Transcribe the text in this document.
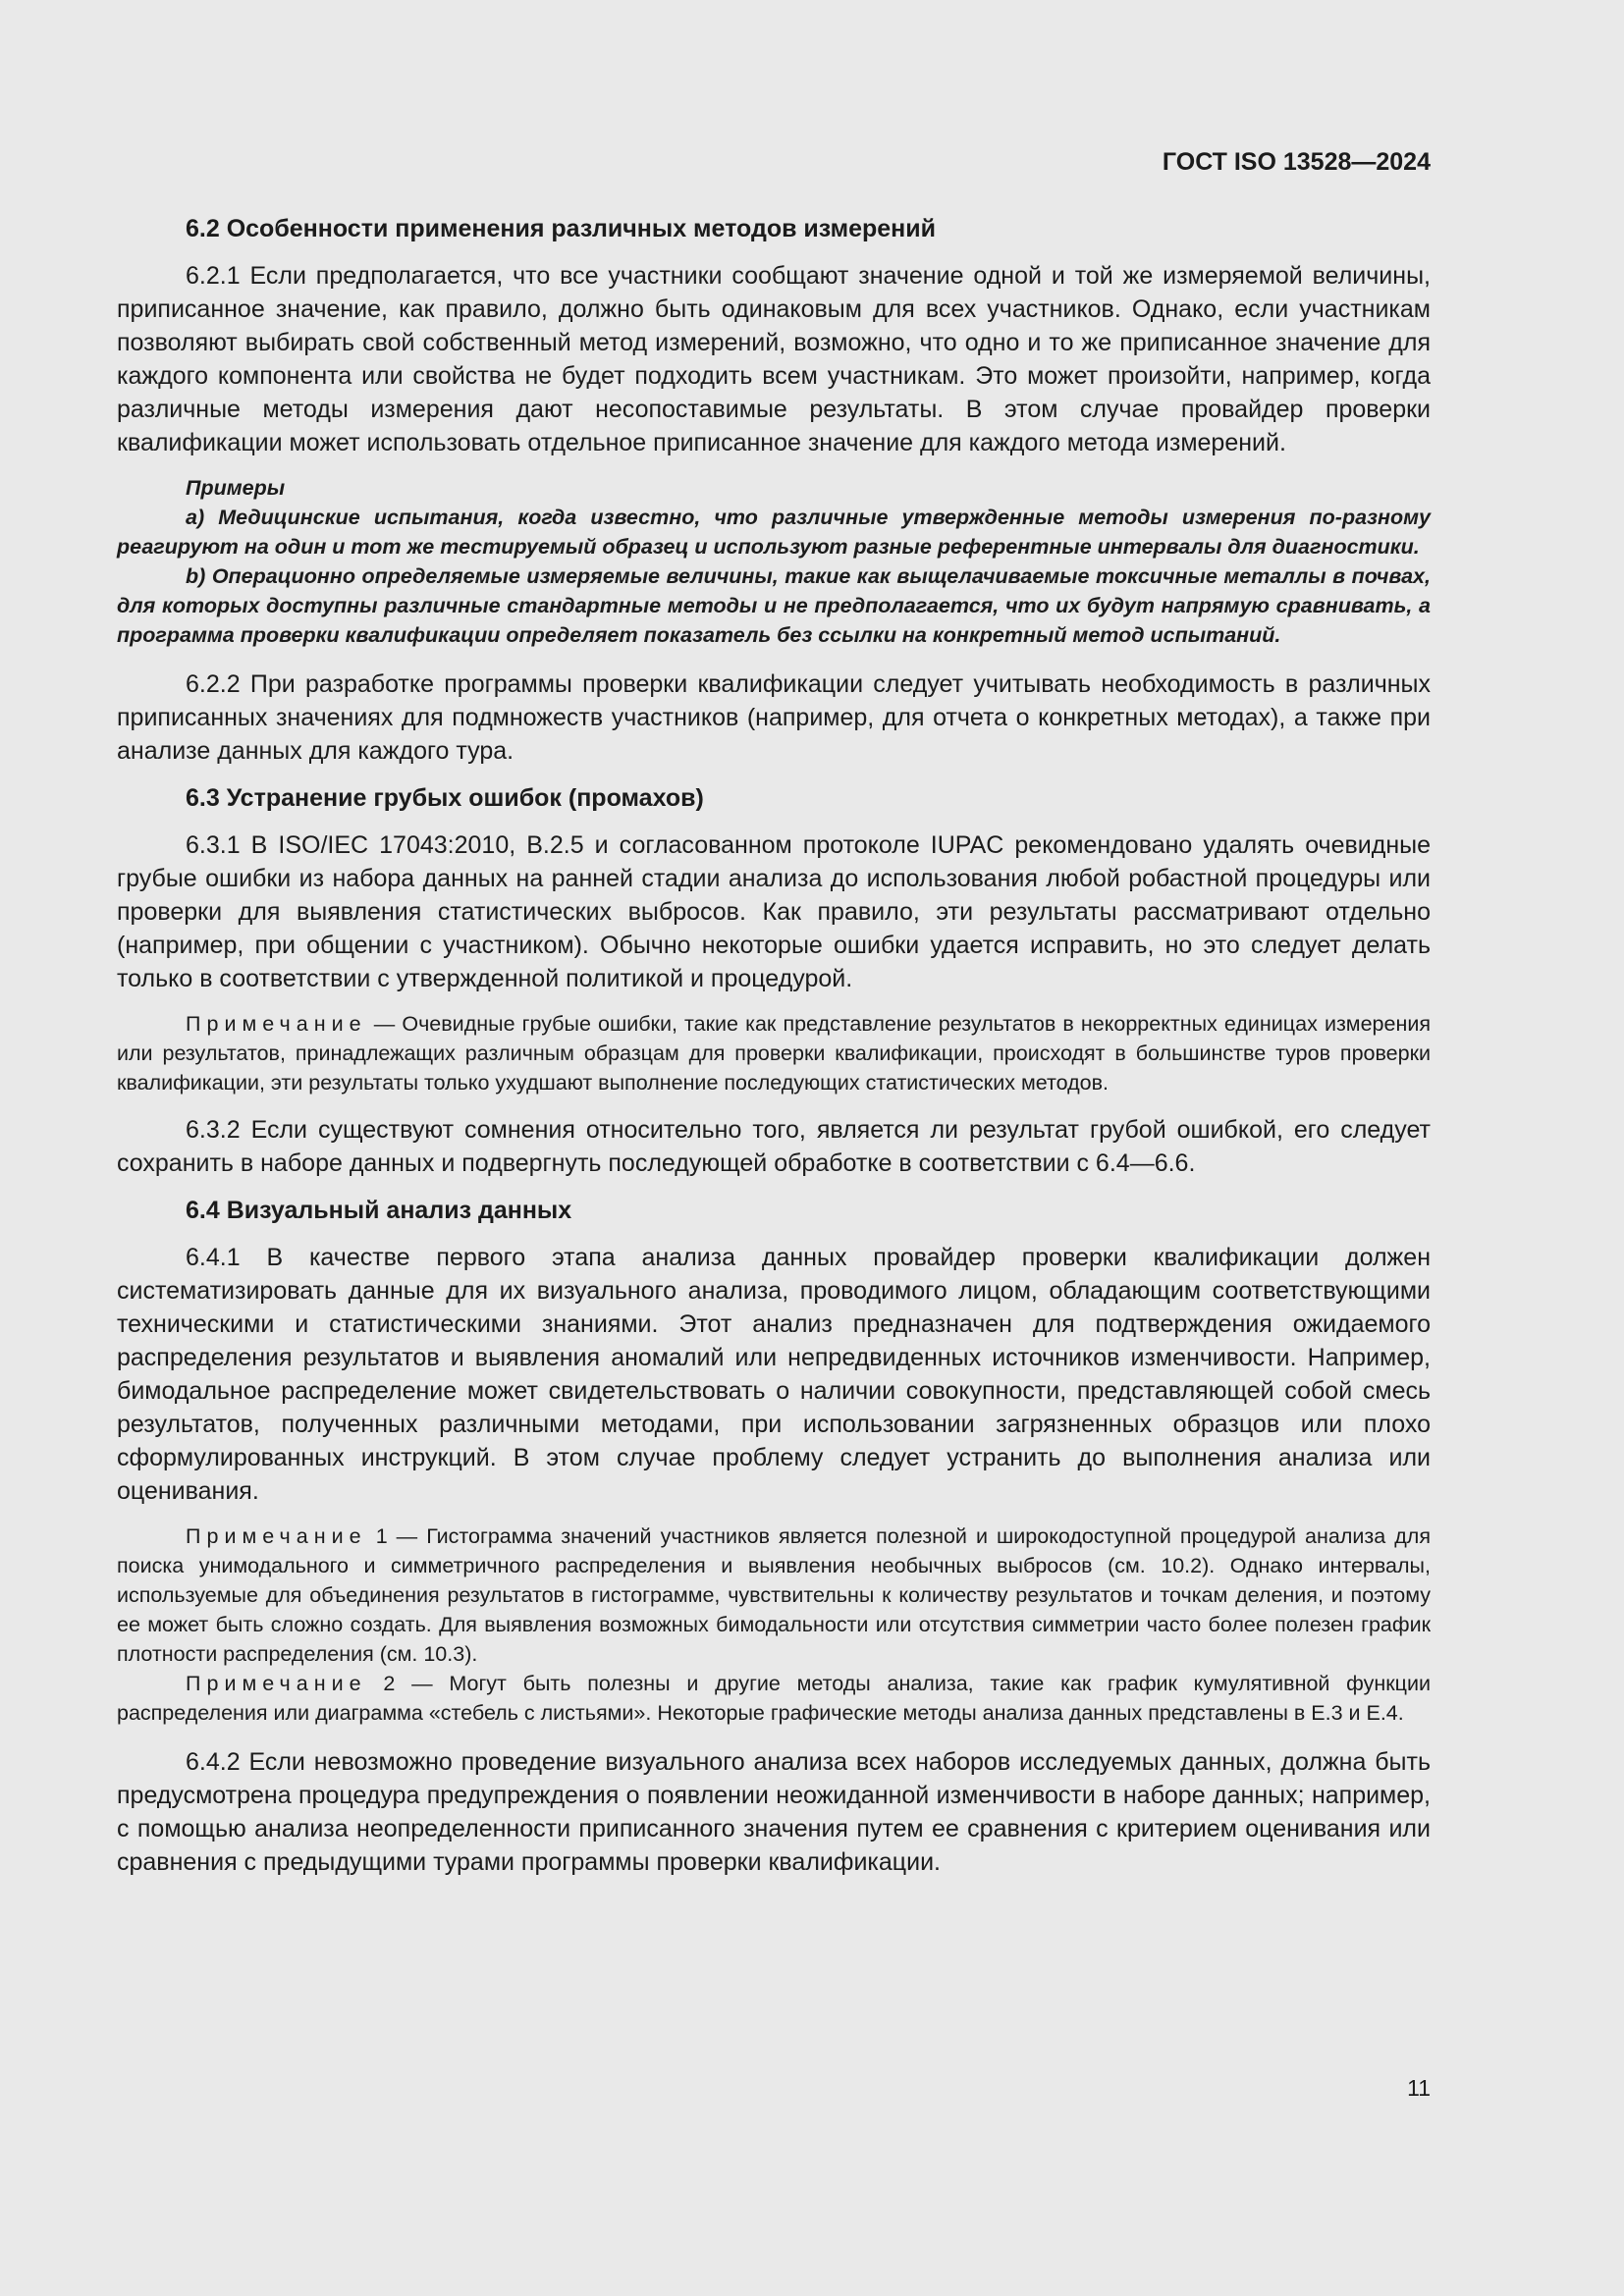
ГОСТ ISO 13528—2024
6.2 Особенности применения различных методов измерений

6.2.1 Если предполагается, что все участники сообщают значение одной и той же измеряемой величины, приписанное значение, как правило, должно быть одинаковым для всех участников. Однако, если участникам позволяют выбирать свой собственный метод измерений, возможно, что одно и то же приписанное значение для каждого компонента или свойства не будет подходить всем участникам. Это может произойти, например, когда различные методы измерения дают несопоставимые результаты. В этом случае провайдер проверки квалификации может использовать отдельное приписанное значение для каждого метода измерений.

Примеры

a) Медицинские испытания, когда известно, что различные утвержденные методы измерения по-разному реагируют на один и тот же тестируемый образец и используют разные референтные интервалы для диагностики.

b) Операционно определяемые измеряемые величины, такие как выщелачиваемые токсичные металлы в почвах, для которых доступны различные стандартные методы и не предполагается, что их будут напрямую сравнивать, а программа проверки квалификации определяет показатель без ссылки на конкретный метод испытаний.

6.2.2 При разработке программы проверки квалификации следует учитывать необходимость в различных приписанных значениях для подмножеств участников (например, для отчета о конкретных методах), а также при анализе данных для каждого тура.

6.3 Устранение грубых ошибок (промахов)

6.3.1 В ISO/IEC 17043:2010, B.2.5 и согласованном протоколе IUPAC рекомендовано удалять очевидные грубые ошибки из набора данных на ранней стадии анализа до использования любой робастной процедуры или проверки для выявления статистических выбросов. Как правило, эти результаты рассматривают отдельно (например, при общении с участником). Обычно некоторые ошибки удается исправить, но это следует делать только в соответствии с утвержденной политикой и процедурой.

Примечание — Очевидные грубые ошибки, такие как представление результатов в некорректных единицах измерения или результатов, принадлежащих различным образцам для проверки квалификации, происходят в большинстве туров проверки квалификации, эти результаты только ухудшают выполнение последующих статистических методов.

6.3.2 Если существуют сомнения относительно того, является ли результат грубой ошибкой, его следует сохранить в наборе данных и подвергнуть последующей обработке в соответствии с 6.4—6.6.

6.4 Визуальный анализ данных

6.4.1 В качестве первого этапа анализа данных провайдер проверки квалификации должен систематизировать данные для их визуального анализа, проводимого лицом, обладающим соответствующими техническими и статистическими знаниями. Этот анализ предназначен для подтверждения ожидаемого распределения результатов и выявления аномалий или непредвиденных источников изменчивости. Например, бимодальное распределение может свидетельствовать о наличии совокупности, представляющей собой смесь результатов, полученных различными методами, при использовании загрязненных образцов или плохо сформулированных инструкций. В этом случае проблему следует устранить до выполнения анализа или оценивания.

Примечание 1 — Гистограмма значений участников является полезной и широкодоступной процедурой анализа для поиска унимодального и симметричного распределения и выявления необычных выбросов (см. 10.2). Однако интервалы, используемые для объединения результатов в гистограмме, чувствительны к количеству результатов и точкам деления, и поэтому ее может быть сложно создать. Для выявления возможных бимодальности или отсутствия симметрии часто более полезен график плотности распределения (см. 10.3).

Примечание 2 — Могут быть полезны и другие методы анализа, такие как график кумулятивной функции распределения или диаграмма «стебель с листьями». Некоторые графические методы анализа данных представлены в Е.3 и Е.4.

6.4.2 Если невозможно проведение визуального анализа всех наборов исследуемых данных, должна быть предусмотрена процедура предупреждения о появлении неожиданной изменчивости в наборе данных; например, с помощью анализа неопределенности приписанного значения путем ее сравнения с критерием оценивания или сравнения с предыдущими турами программы проверки квалификации.

11
